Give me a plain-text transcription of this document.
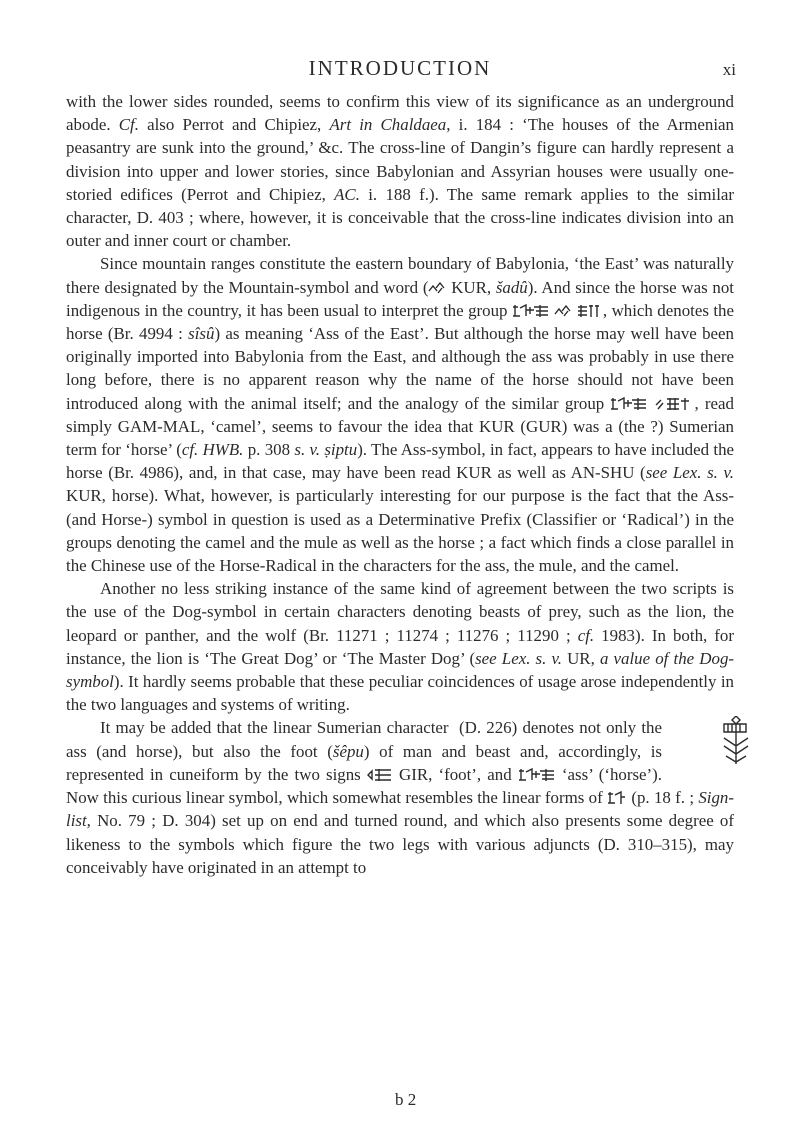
INTRODUCTION	xi

with the lower sides rounded, seems to confirm this view of its significance as an underground abode. Cf. also Perrot and Chipiez, Art in Chaldaea, i. 184 : ‘The houses of the Armenian peasantry are sunk into the ground,’ &c. The cross-line of Dangin’s figure can hardly represent a division into upper and lower stories, since Babylonian and Assyrian houses were usually one-storied edifices (Perrot and Chipiez, AC. i. 188 f.). The same remark applies to the similar character, D. 403 ; where, however, it is conceivable that the cross-line indicates division into an outer and inner court or chamber.

Since mountain ranges constitute the eastern boundary of Babylonia, ‘the East’ was naturally there designated by the Mountain-symbol and word (
KUR, šadû). And since the horse was not indigenous in the country, it has been usual to interpret the group

	, which denotes the horse (Br. 4994 : sîsû) as meaning ‘Ass of the East’. But although the horse may well have been originally imported into Babylonia from the East, and although the ass was probably in use there long before, there is no apparent reason why the name of the horse should not have been introduced along with the animal itself; and the analogy of the similar group
	, read simply GAM-MAL, ‘camel’, seems to favour the idea that KUR (GUR) was a (the ?) Sumerian term for ‘horse’ (cf. HWB. p. 308 s. v. ṣiptu). The Ass-symbol, in fact, appears to have included the horse (Br. 4986), and, in that case, may have been read KUR as well as AN-SHU (see Lex. s. v. KUR, horse). What, however, is particularly interesting for our purpose is the fact that the Ass- (and Horse-) symbol in question is used as a Determinative Prefix (Classifier or ‘Radical’) in the groups denoting the camel and the mule as well as the horse ; a fact which finds a close parallel in the Chinese use of the Horse-Radical in the characters for the ass, the mule, and the camel.

Another no less striking instance of the same kind of agreement between the two scripts is the use of the Dog-symbol in certain characters denoting beasts of prey, such as the lion, the leopard or panther, and the wolf (Br. 11271 ; 11274 ; 11276 ; 11290 ; cf. 1983). In both, for instance, the lion is ‘The Great Dog’ or ‘The Master Dog’ (see Lex. s. v. UR, a value of the Dog-symbol). It hardly seems probable that these peculiar coincidences of usage arose independently in the two languages and systems of writing.

It may be added that the linear Sumerian character  (D. 226) denotes not only the ass (and horse), but also the foot (šêpu) of man and beast and, accordingly, is represented in cuneiform by the two signs
GIR, ‘foot’, and
‘ass’ (‘horse’). Now this curious linear symbol, which somewhat resembles the linear forms of
(p. 18 f. ; Sign-list, No. 79 ; D. 304) set up on end and turned round, and which also presents some degree of likeness to the symbols which figure the two legs with various adjuncts (D. 310–315), may conceivably have originated in an attempt to

b 2
